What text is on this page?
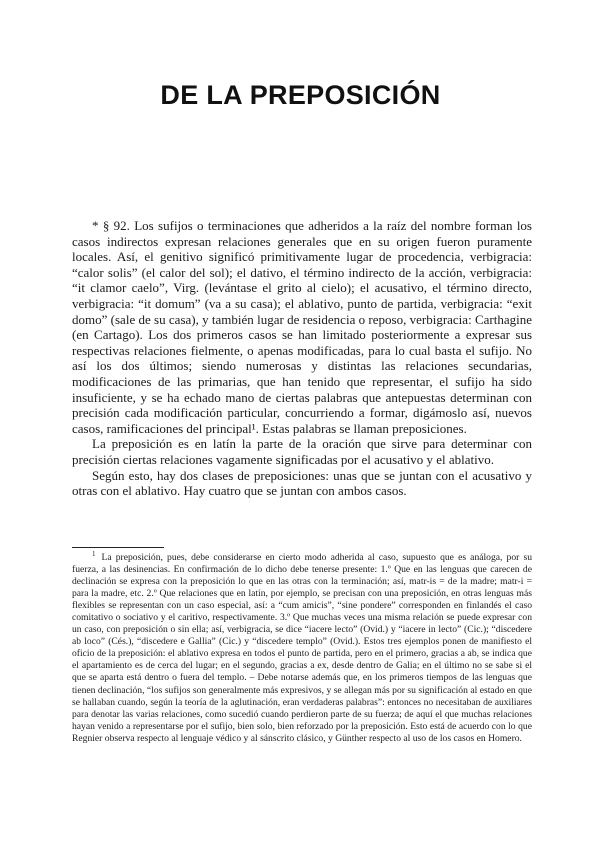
DE LA PREPOSICIÓN

* § 92. Los sufijos o terminaciones que adheridos a la raíz del nombre forman los casos indirectos expresan relaciones generales que en su origen fueron puramente locales. Así, el genitivo significó primitivamente lugar de procedencia, verbigracia: “calor solis” (el calor del sol); el dativo, el término indirecto de la acción, verbigracia: “it clamor caelo”, Virg. (levántase el grito al cielo); el acusativo, el término directo, verbigracia: “it domum” (va a su casa); el ablativo, punto de partida, verbigracia: “exit domo” (sale de su casa), y también lugar de residencia o reposo, verbigracia: Carthagine (en Cartago). Los dos primeros casos se han limitado posteriormente a expresar sus respectivas relaciones fielmente, o apenas modificadas, para lo cual basta el sufijo. No así los dos últimos; siendo numerosas y distintas las relaciones secundarias, modificaciones de las primarias, que han tenido que representar, el sufijo ha sido insuficiente, y se ha echado mano de ciertas palabras que antepuestas determinan con precisión cada modificación particular, concurriendo a formar, digámoslo así, nuevos casos, ramificaciones del principal¹. Estas palabras se llaman preposiciones.

La preposición es en latín la parte de la oración que sirve para determinar con precisión ciertas relaciones vagamente significadas por el acusativo y el ablativo.

Según esto, hay dos clases de preposiciones: unas que se juntan con el acusativo y otras con el ablativo. Hay cuatro que se juntan con ambos casos.

$^1$ La preposición, pues, debe considerarse en cierto modo adherida al caso, supuesto que es análoga, por su fuerza, a las desinencias. En confirmación de lo dicho debe tenerse presente: 1.º Que en las lenguas que carecen de declinación se expresa con la preposición lo que en las otras con la terminación; así, matr-is = de la madre; matr-i = para la madre, etc. 2.º Que relaciones que en latín, por ejemplo, se precisan con una preposición, en otras lenguas más flexibles se representan con un caso especial, así: a “cum amicis”, “sine pondere” corresponden en finlandés el caso comitativo o sociativo y el caritivo, respectivamente. 3.º Que muchas veces una misma relación se puede expresar con un caso, con preposición o sin ella; así, verbigracia, se dice “iacere lecto” (Ovid.) y “iacere in lecto” (Cic.); “discedere ab loco” (Cés.), “discedere e Gallia” (Cic.) y “discedere templo” (Ovid.). Estos tres ejemplos ponen de manifiesto el oficio de la preposición: el ablativo expresa en todos el punto de partida, pero en el primero, gracias a ab, se indica que el apartamiento es de cerca del lugar; en el segundo, gracias a ex, desde dentro de Galia; en el último no se sabe si el que se aparta está dentro o fuera del templo. – Debe notarse además que, en los primeros tiempos de las lenguas que tienen declinación, “los sufijos son generalmente más expresivos, y se allegan más por su significación al estado en que se hallaban cuando, según la teoría de la aglutinación, eran verdaderas palabras”: entonces no necesitaban de auxiliares para denotar las varias relaciones, como sucedió cuando perdieron parte de su fuerza; de aquí el que muchas relaciones hayan venido a representarse por el sufijo, bien solo, bien reforzado por la preposición. Esto está de acuerdo con lo que Regnier observa respecto al lenguaje védico y al sánscrito clásico, y Günther respecto al uso de los casos en Homero.
